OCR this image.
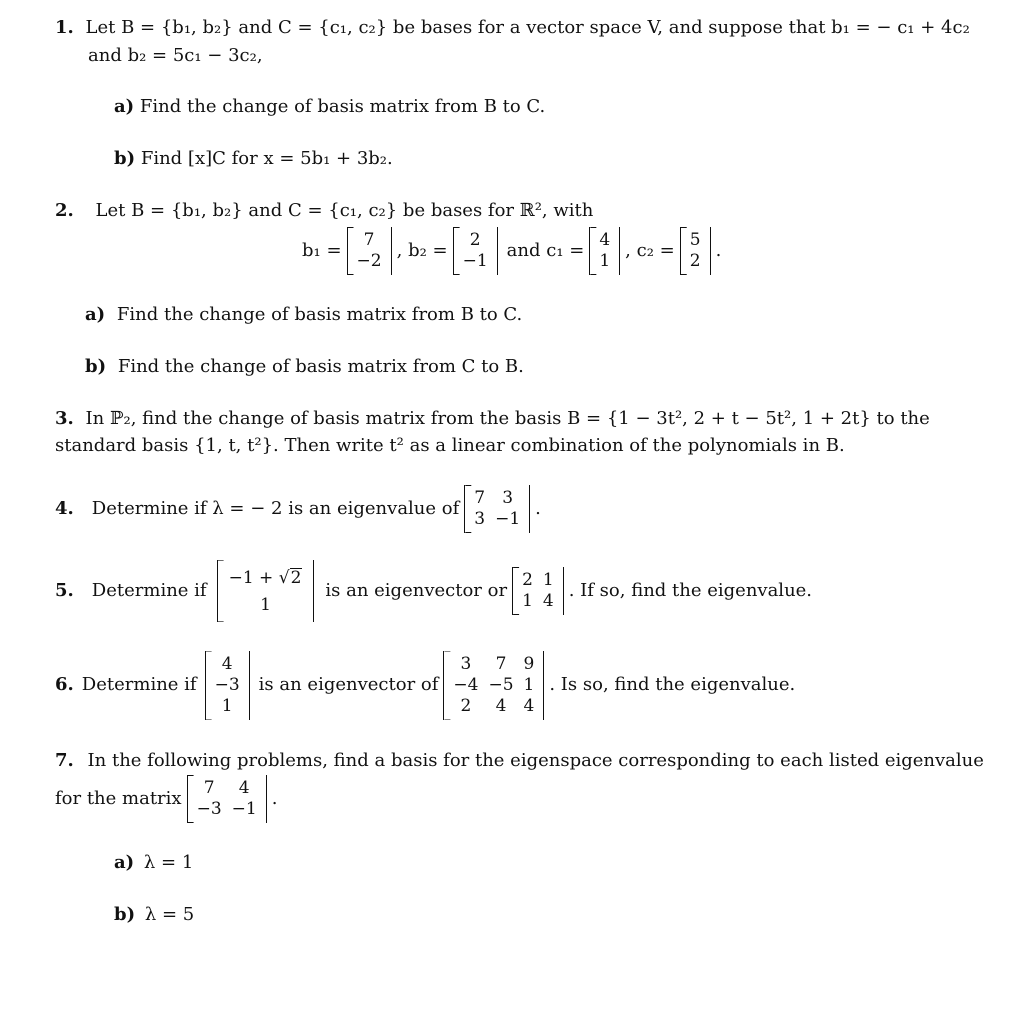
1. Let B = {b₁, b₂} and C = {c₁, c₂} be bases for a vector space V, and suppose that b₁ = − c₁ + 4c₂
and b₂ = 5c₁ − 3c₂,
a) Find the change of basis matrix from B to C.
b) Find [x]C for x = 5b₁ + 3b₂.
2. Let B = {b₁, b₂} and C = {c₁, c₂} be bases for ℝ², with
b₁ = 7
−2

, b₂ = 2
−1

and c₁ = 4
1

, c₂ = 5
2

.
a) Find the change of basis matrix from B to C.
b) Find the change of basis matrix from C to B.
3. In ℙ₂, find the change of basis matrix from the basis B = {1 − 3t², 2 + t − 5t², 1 + 2t} to the
standard basis {1, t, t²}. Then write t² as a linear combination of the polynomials in B.
4. Determine if λ = − 2 is an eigenvalue of 7	3
3	−1

.
5. Determine if
−1 + √2
1

is an eigenvector or 2	1
1	4

. If so, find the eigenvalue.
6. Determine if
4
−3
1

is an eigenvector of
3	7	9
−4	−5	1
2	4	4

. Is so, find the eigenvalue.
7. In the following problems, find a basis for the eigenspace corresponding to each listed eigenvalue
for the matrix 7	4
−3	−1

.
a) λ = 1
b) λ = 5
